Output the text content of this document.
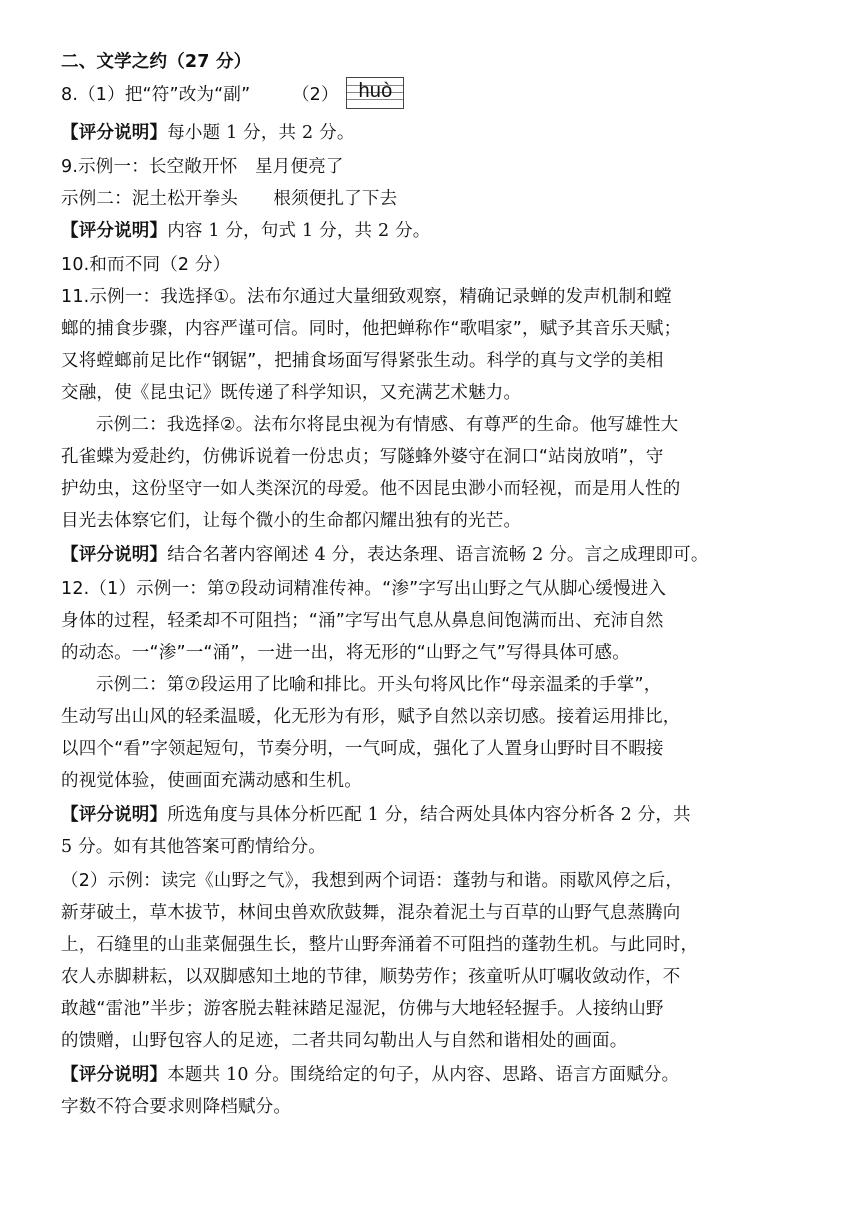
二、文学之约（27 分）
8.（1）把“符”改为“副” （2） huò
【评分说明】每小题 1 分，共 2 分。
9.示例一：长空敞开怀　星月便亮了
示例二：泥土松开拳头　　根须便扎了下去
【评分说明】内容 1 分，句式 1 分，共 2 分。
10.和而不同（2 分）
11.示例一：我选择①。法布尔通过大量细致观察，精确记录蝉的发声机制和螳
螂的捕食步骤，内容严谨可信。同时，他把蝉称作“歌唱家”，赋予其音乐天赋；
又将螳螂前足比作“钢锯”，把捕食场面写得紧张生动。科学的真与文学的美相
交融，使《昆虫记》既传递了科学知识，又充满艺术魅力。
示例二：我选择②。法布尔将昆虫视为有情感、有尊严的生命。他写雄性大
孔雀蝶为爱赴约，仿佛诉说着一份忠贞；写隧蜂外婆守在洞口“站岗放哨”，守
护幼虫，这份坚守一如人类深沉的母爱。他不因昆虫渺小而轻视，而是用人性的
目光去体察它们，让每个微小的生命都闪耀出独有的光芒。
【评分说明】结合名著内容阐述 4 分，表达条理、语言流畅 2 分。言之成理即可。
12.（1）示例一：第⑦段动词精准传神。“渗”字写出山野之气从脚心缓慢进入
身体的过程，轻柔却不可阻挡；“涌”字写出气息从鼻息间饱满而出、充沛自然
的动态。一“渗”一“涌”，一进一出，将无形的“山野之气”写得具体可感。
示例二：第⑦段运用了比喻和排比。开头句将风比作“母亲温柔的手掌”，
生动写出山风的轻柔温暖，化无形为有形，赋予自然以亲切感。接着运用排比，
以四个“看”字领起短句，节奏分明，一气呵成，强化了人置身山野时目不暇接
的视觉体验，使画面充满动感和生机。
【评分说明】所选角度与具体分析匹配 1 分，结合两处具体内容分析各 2 分，共
5 分。如有其他答案可酌情给分。
（2）示例：读完《山野之气》，我想到两个词语：蓬勃与和谐。雨歇风停之后，
新芽破土，草木拔节，林间虫兽欢欣鼓舞，混杂着泥土与百草的山野气息蒸腾向
上，石缝里的山韭菜倔强生长，整片山野奔涌着不可阻挡的蓬勃生机。与此同时，
农人赤脚耕耘，以双脚感知土地的节律，顺势劳作；孩童听从叮嘱收敛动作，不
敢越“雷池”半步；游客脱去鞋袜踏足湿泥，仿佛与大地轻轻握手。人接纳山野
的馈赠，山野包容人的足迹，二者共同勾勒出人与自然和谐相处的画面。
【评分说明】本题共 10 分。围绕给定的句子，从内容、思路、语言方面赋分。
字数不符合要求则降档赋分。
